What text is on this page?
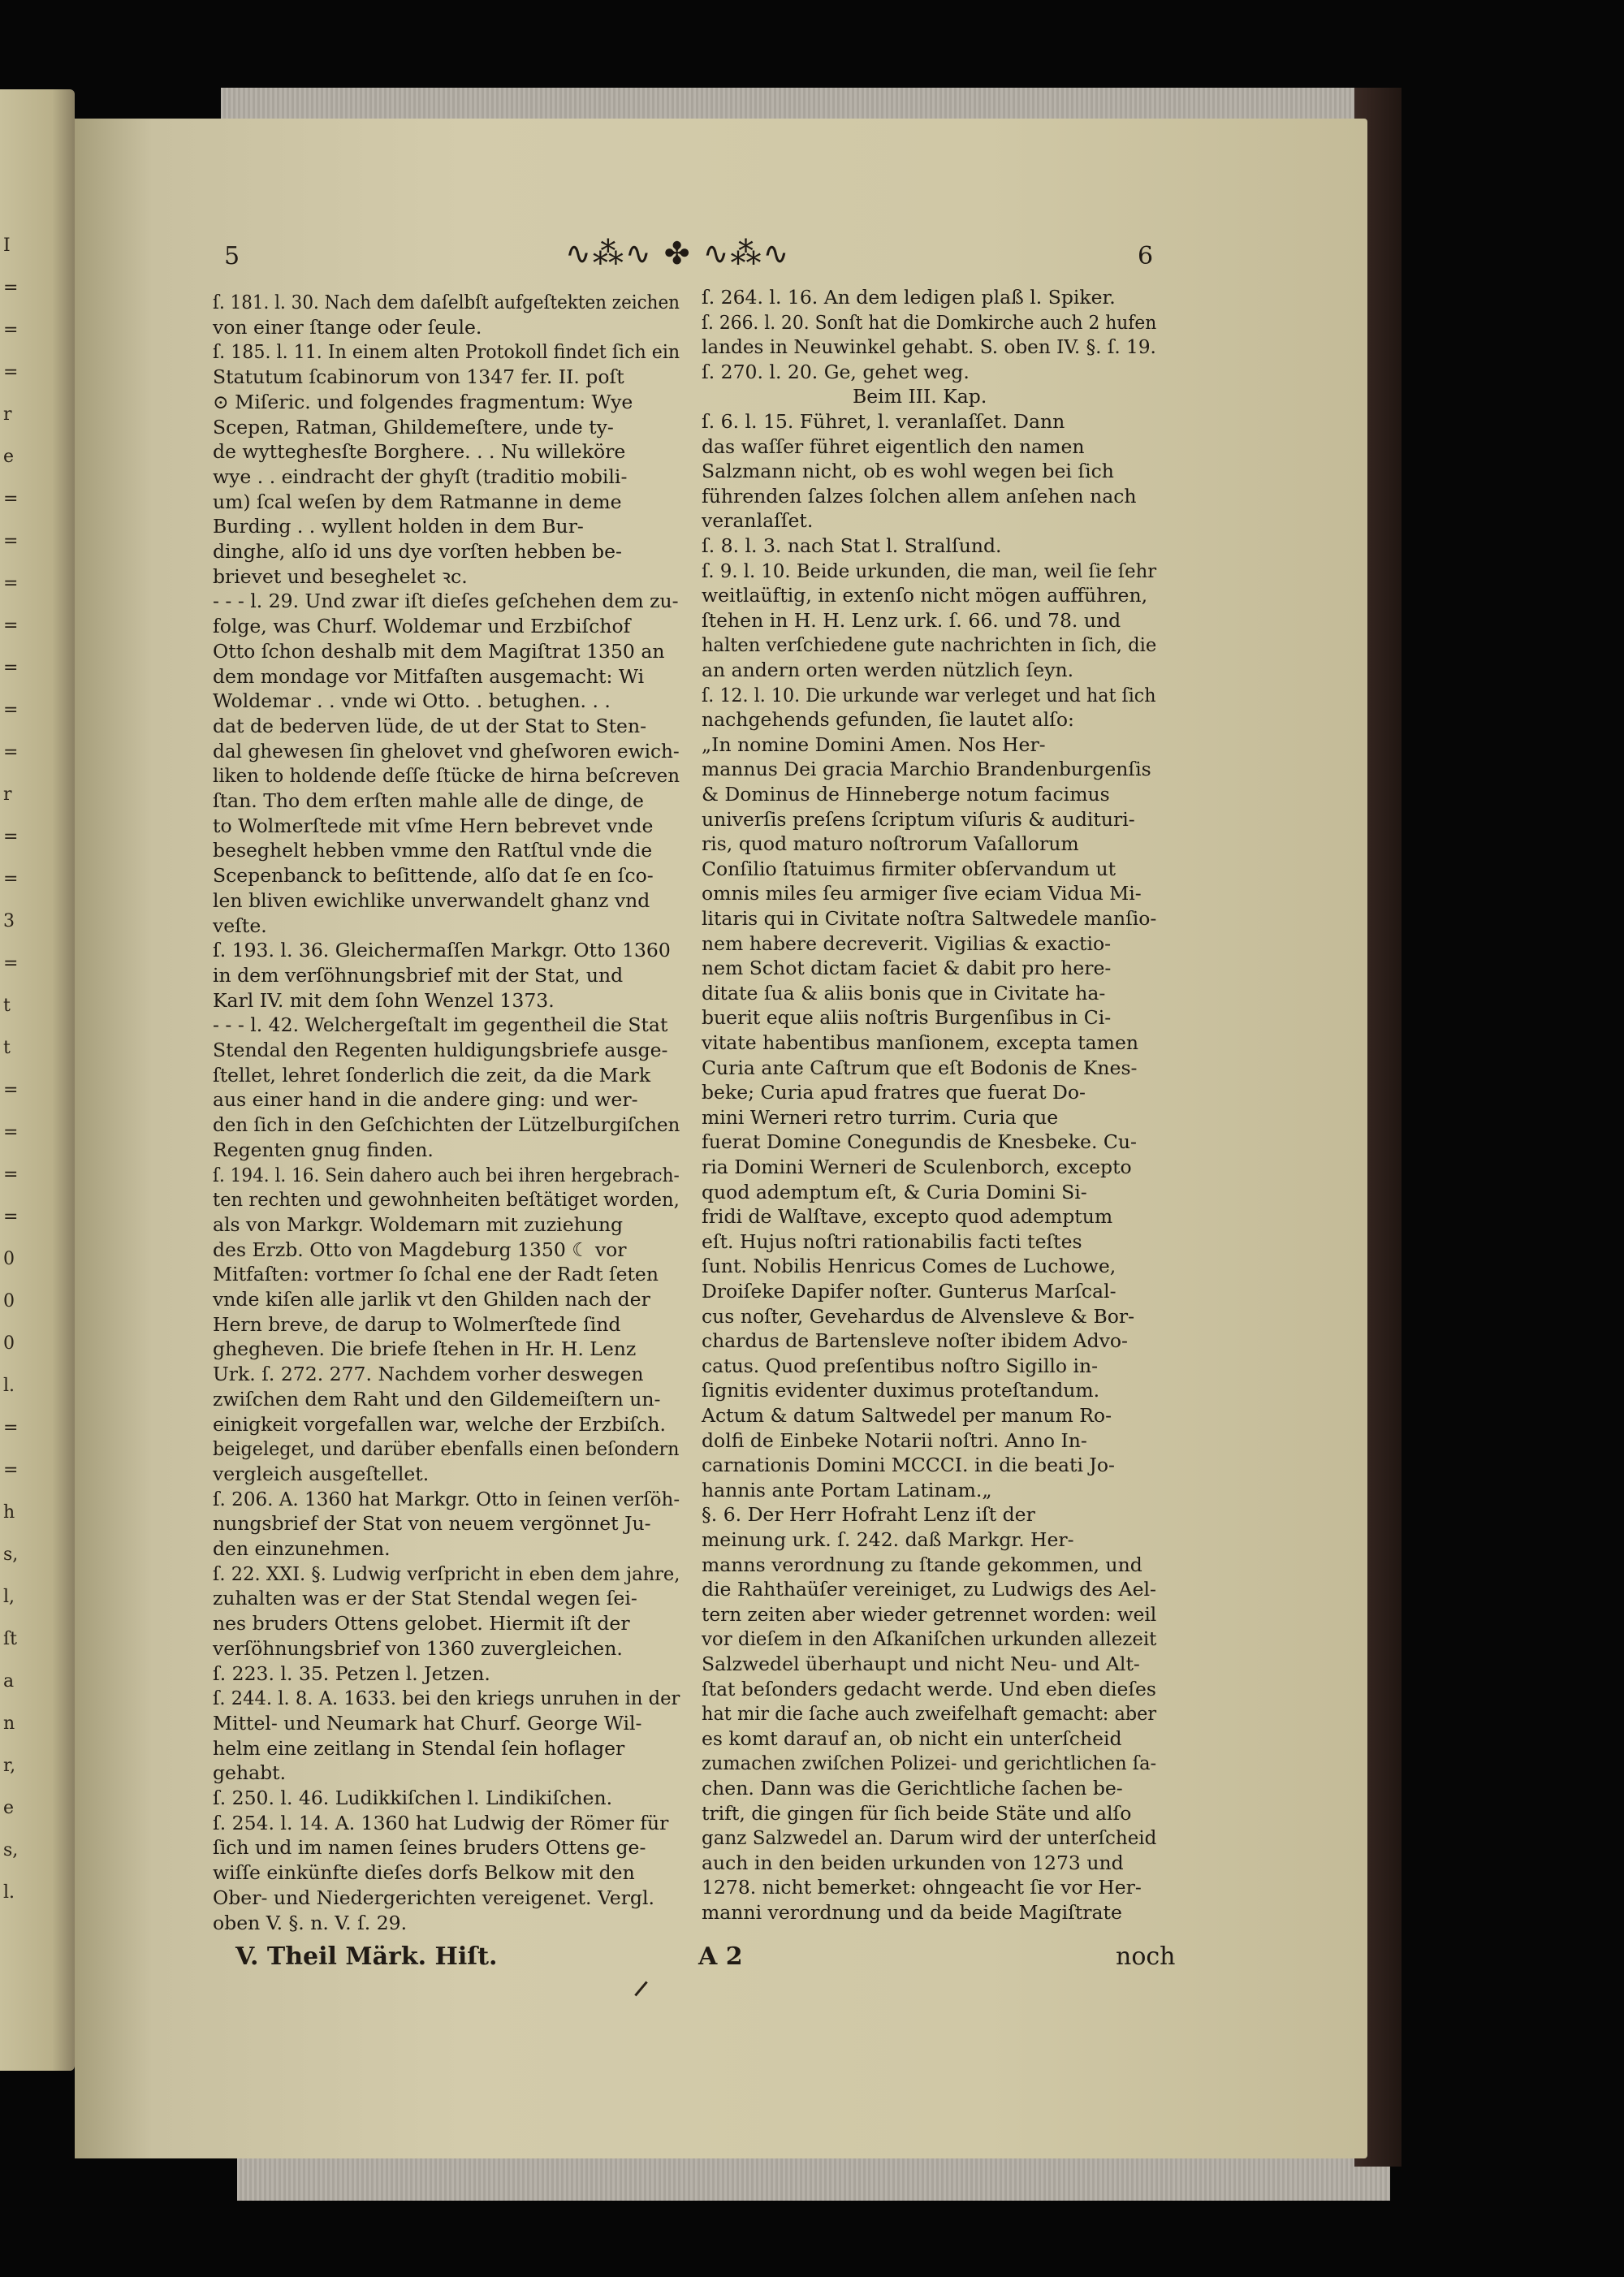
5	∿⁂∿ ✤ ∿⁂∿	6
ſ. 181. l. 30. Nach dem daſelbſt aufgeſtekten zeichen
von einer ſtange oder ſeule.
ſ. 185. l. 11. In einem alten Protokoll findet ſich ein
Statutum ſcabinorum von 1347 fer. II. poſt
⊙ Miſeric. und folgendes fragmentum: Wye
Scepen, Ratman, Ghildemeſtere, unde ty-
de wytteghesſte Borghere. . . Nu willeköre
wye . . eindracht der ghyſt (traditio mobili-
um) ſcal weſen by dem Ratmanne in deme
Burding . . wyllent holden in dem Bur-
dinghe, alſo id uns dye vorſten hebben be-
brievet und beseghelet ꝛc.
- - - l. 29. Und zwar iſt dieſes geſchehen dem zu-
folge, was Churf. Woldemar und Erzbiſchof
Otto ſchon deshalb mit dem Magiſtrat 1350 an
dem mondage vor Mitfaſten ausgemacht: Wi
Woldemar . . vnde wi Otto. . betughen. . .
dat de bederven lüde, de ut der Stat to Sten-
dal ghewesen ſin ghelovet vnd gheſworen ewich-
liken to holdende deſſe ſtücke de hirna beſcreven
ſtan. Tho dem erſten mahle alle de dinge, de
to Wolmerſtede mit vſme Hern bebrevet vnde
beseghelt hebben vmme den Ratſtul vnde die
Scepenbanck to beſittende, alſo dat ſe en ſco-
len bliven ewichlike unverwandelt ghanz vnd
veſte.
ſ. 193. l. 36. Gleichermaſſen Markgr. Otto 1360
in dem verſöhnungsbrief mit der Stat, und
Karl IV. mit dem ſohn Wenzel 1373.
- - - l. 42. Welchergeſtalt im gegentheil die Stat
Stendal den Regenten huldigungsbriefe ausge-
ſtellet, lehret ſonderlich die zeit, da die Mark
aus einer hand in die andere ging: und wer-
den ſich in den Geſchichten der Lützelburgiſchen
Regenten gnug finden.
ſ. 194. l. 16. Sein dahero auch bei ihren hergebrach-
ten rechten und gewohnheiten beſtätiget worden,
als von Markgr. Woldemarn mit zuziehung
des Erzb. Otto von Magdeburg 1350 ☾ vor
Mitfaſten: vortmer ſo ſchal ene der Radt ſeten
vnde kiſen alle jarlik vt den Ghilden nach der
Hern breve, de darup to Wolmerſtede ſind
ghegheven. Die briefe ſtehen in Hr. H. Lenz
Urk. ſ. 272. 277. Nachdem vorher deswegen
zwiſchen dem Raht und den Gildemeiſtern un-
einigkeit vorgefallen war, welche der Erzbiſch.
beigeleget, und darüber ebenfalls einen beſondern
vergleich ausgeſtellet.
ſ. 206. A. 1360 hat Markgr. Otto in ſeinen verſöh-
nungsbrief der Stat von neuem vergönnet Ju-
den einzunehmen.
ſ. 22. XXI. §. Ludwig verſpricht in eben dem jahre,
zuhalten was er der Stat Stendal wegen ſei-
nes bruders Ottens gelobet. Hiermit iſt der
verſöhnungsbrief von 1360 zuvergleichen.
ſ. 223. l. 35. Petzen l. Jetzen.
ſ. 244. l. 8. A. 1633. bei den kriegs unruhen in der
Mittel- und Neumark hat Churf. George Wil-
helm eine zeitlang in Stendal ſein hoflager
gehabt.
ſ. 250. l. 46. Ludikkiſchen l. Lindikiſchen.
ſ. 254. l. 14. A. 1360 hat Ludwig der Römer für
ſich und im namen ſeines bruders Ottens ge-
wiſſe einkünfte dieſes dorfs Belkow mit den
Ober- und Niedergerichten vereigenet. Vergl.
oben V. §. n. V. ſ. 29.
ſ. 264. l. 16. An dem ledigen plaß l. Spiker.
ſ. 266. l. 20. Sonſt hat die Domkirche auch 2 hufen
landes in Neuwinkel gehabt. S. oben IV. §. ſ. 19.
ſ. 270. l. 20. Ge, gehet weg.
Beim III. Kap.
ſ. 6. l. 15. Führet, l. veranlaſſet. Dann
das waſſer führet eigentlich den namen
Salzmann nicht, ob es wohl wegen bei ſich
führenden ſalzes ſolchen allem anſehen nach
veranlaſſet.
ſ. 8. l. 3. nach Stat l. Stralſund.
ſ. 9. l. 10. Beide urkunden, die man, weil ſie ſehr
weitlaüftig, in extenſo nicht mögen aufführen,
ſtehen in H. H. Lenz urk. ſ. 66. und 78. und
halten verſchiedene gute nachrichten in ſich, die
an andern orten werden nützlich ſeyn.
ſ. 12. l. 10. Die urkunde war verleget und hat ſich
nachgehends gefunden, ſie lautet alſo:
„In nomine Domini Amen. Nos Her-
mannus Dei gracia Marchio Brandenburgenſis
& Dominus de Hinneberge notum facimus
univerſis preſens ſcriptum viſuris & audituri-
ris, quod maturo noſtrorum Vaſallorum
Conſilio ſtatuimus firmiter obſervandum ut
omnis miles ſeu armiger ſive eciam Vidua Mi-
litaris qui in Civitate noſtra Saltwedele manſio-
nem habere decreverit. Vigilias & exactio-
nem Schot dictam faciet & dabit pro here-
ditate ſua & aliis bonis que in Civitate ha-
buerit eque aliis noſtris Burgenſibus in Ci-
vitate habentibus manſionem, excepta tamen
Curia ante Caſtrum que eſt Bodonis de Knes-
beke; Curia apud fratres que fuerat Do-
mini Werneri retro turrim. Curia que
fuerat Domine Conegundis de Knesbeke. Cu-
ria Domini Werneri de Sculenborch, excepto
quod ademptum eſt, & Curia Domini Si-
fridi de Walſtave, excepto quod ademptum
eſt. Hujus noſtri rationabilis facti teſtes
ſunt. Nobilis Henricus Comes de Luchowe,
Droiſeke Dapifer noſter. Gunterus Marſcal-
cus noſter, Gevehardus de Alvensleve & Bor-
chardus de Bartensleve noſter ibidem Advo-
catus. Quod preſentibus noſtro Sigillo in-
ſignitis evidenter duximus proteſtandum.
Actum & datum Saltwedel per manum Ro-
dolfi de Einbeke Notarii noſtri. Anno In-
carnationis Domini MCCCI. in die beati Jo-
hannis ante Portam Latinam.„
§. 6. Der Herr Hofraht Lenz iſt der
meinung urk. ſ. 242. daß Markgr. Her-
manns verordnung zu ſtande gekommen, und
die Rahthaüſer vereiniget, zu Ludwigs des Ael-
tern zeiten aber wieder getrennet worden: weil
vor dieſem in den Aſkaniſchen urkunden allezeit
Salzwedel überhaupt und nicht Neu- und Alt-
ſtat beſonders gedacht werde. Und eben dieſes
hat mir die ſache auch zweifelhaft gemacht: aber
es komt darauf an, ob nicht ein unterſcheid
zumachen zwiſchen Polizei- und gerichtlichen ſa-
chen. Dann was die Gerichtliche ſachen be-
trift, die gingen für ſich beide Stäte und alſo
ganz Salzwedel an. Darum wird der unterſcheid
auch in den beiden urkunden von 1273 und
1278. nicht bemerket: ohngeacht ſie vor Her-
manni verordnung und da beide Magiſtrate
I
=
=
=
r
e
=
=
=
=
=
=
=
r
=
=
3
=
t
t
=
=
=
=
0
0
0
l.
=
=
h
s,
l,
ſt
a
n
r,
e
s,
l.
V. Theil Märk. Hiſt.	A 2	noch
